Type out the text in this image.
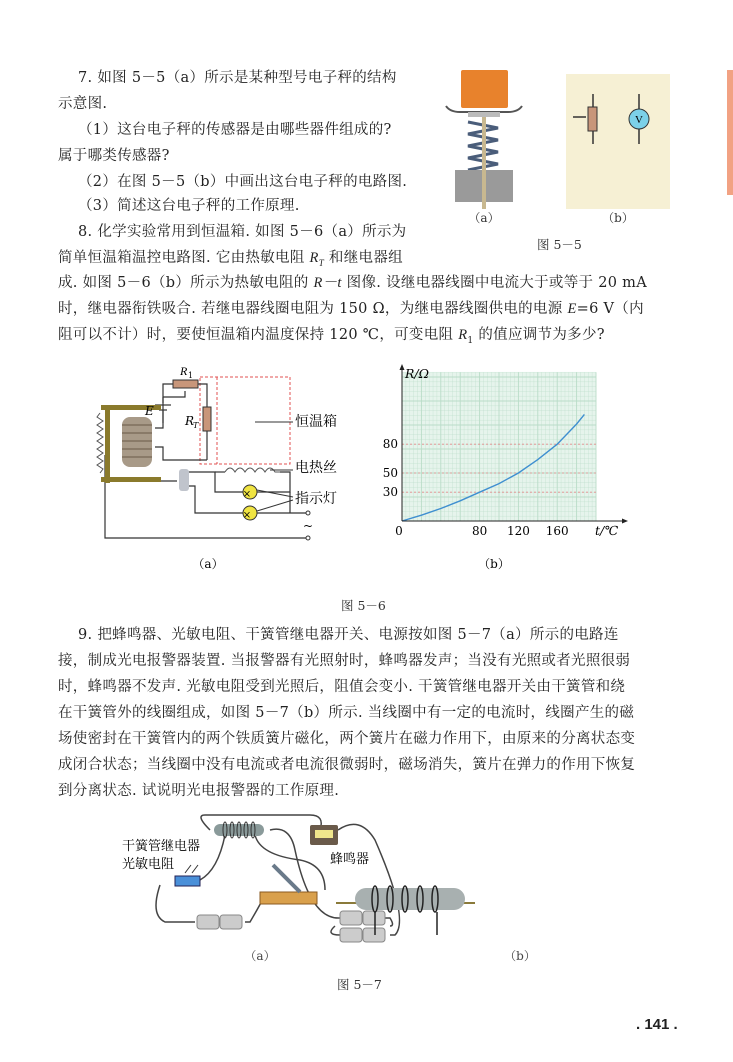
7. 如图 5－5（a）所示是某种型号电子秤的结构
示意图.
（1）这台电子秤的传感器是由哪些器件组成的?
属于哪类传感器?
（2）在图 5－5（b）中画出这台电子秤的电路图.
（3）简述这台电子秤的工作原理.
8. 化学实验常用到恒温箱. 如图 5－6（a）所示为
简单恒温箱温控电路图. 它由热敏电阻 $R_T$ 和继电器组
成. 如图 5－6（b）所示为热敏电阻的 R－t 图像. 设继电器线圈中电流大于或等于 20 mA
时，继电器衔铁吸合. 若继电器线圈电阻为 150 Ω，为继电器线圈供电的电源 E=6 V（内
阻可以不计）时，要使恒温箱内温度保持 120 ℃，可变电阻 $R_1$ 的值应调节为多少?
V
（a）	（b）
图 5－5
×
×
R 1
R
T
E
恒温箱
电热丝
指示灯
~
（a）
R/Ω
t/℃
0	80 120 160
30
50
80
（b）
图 5－6
9. 把蜂鸣器、光敏电阻、干簧管继电器开关、电源按如图 5－7（a）所示的电路连
接，制成光电报警器装置. 当报警器有光照射时，蜂鸣器发声；当没有光照或者光照很弱
时，蜂鸣器不发声. 光敏电阻受到光照后，阻值会变小. 干簧管继电器开关由干簧管和绕
在干簧管外的线圈组成，如图 5－7（b）所示. 当线圈中有一定的电流时，线圈产生的磁
场使密封在干簧管内的两个铁质簧片磁化，两个簧片在磁力作用下，由原来的分离状态变
成闭合状态；当线圈中没有电流或者电流很微弱时，磁场消失，簧片在弹力的作用下恢复
到分离状态. 试说明光电报警器的工作原理.
干簧管继电器
光敏电阻	蜂鸣器
（a）	（b）
图 5－7
. 141 .
